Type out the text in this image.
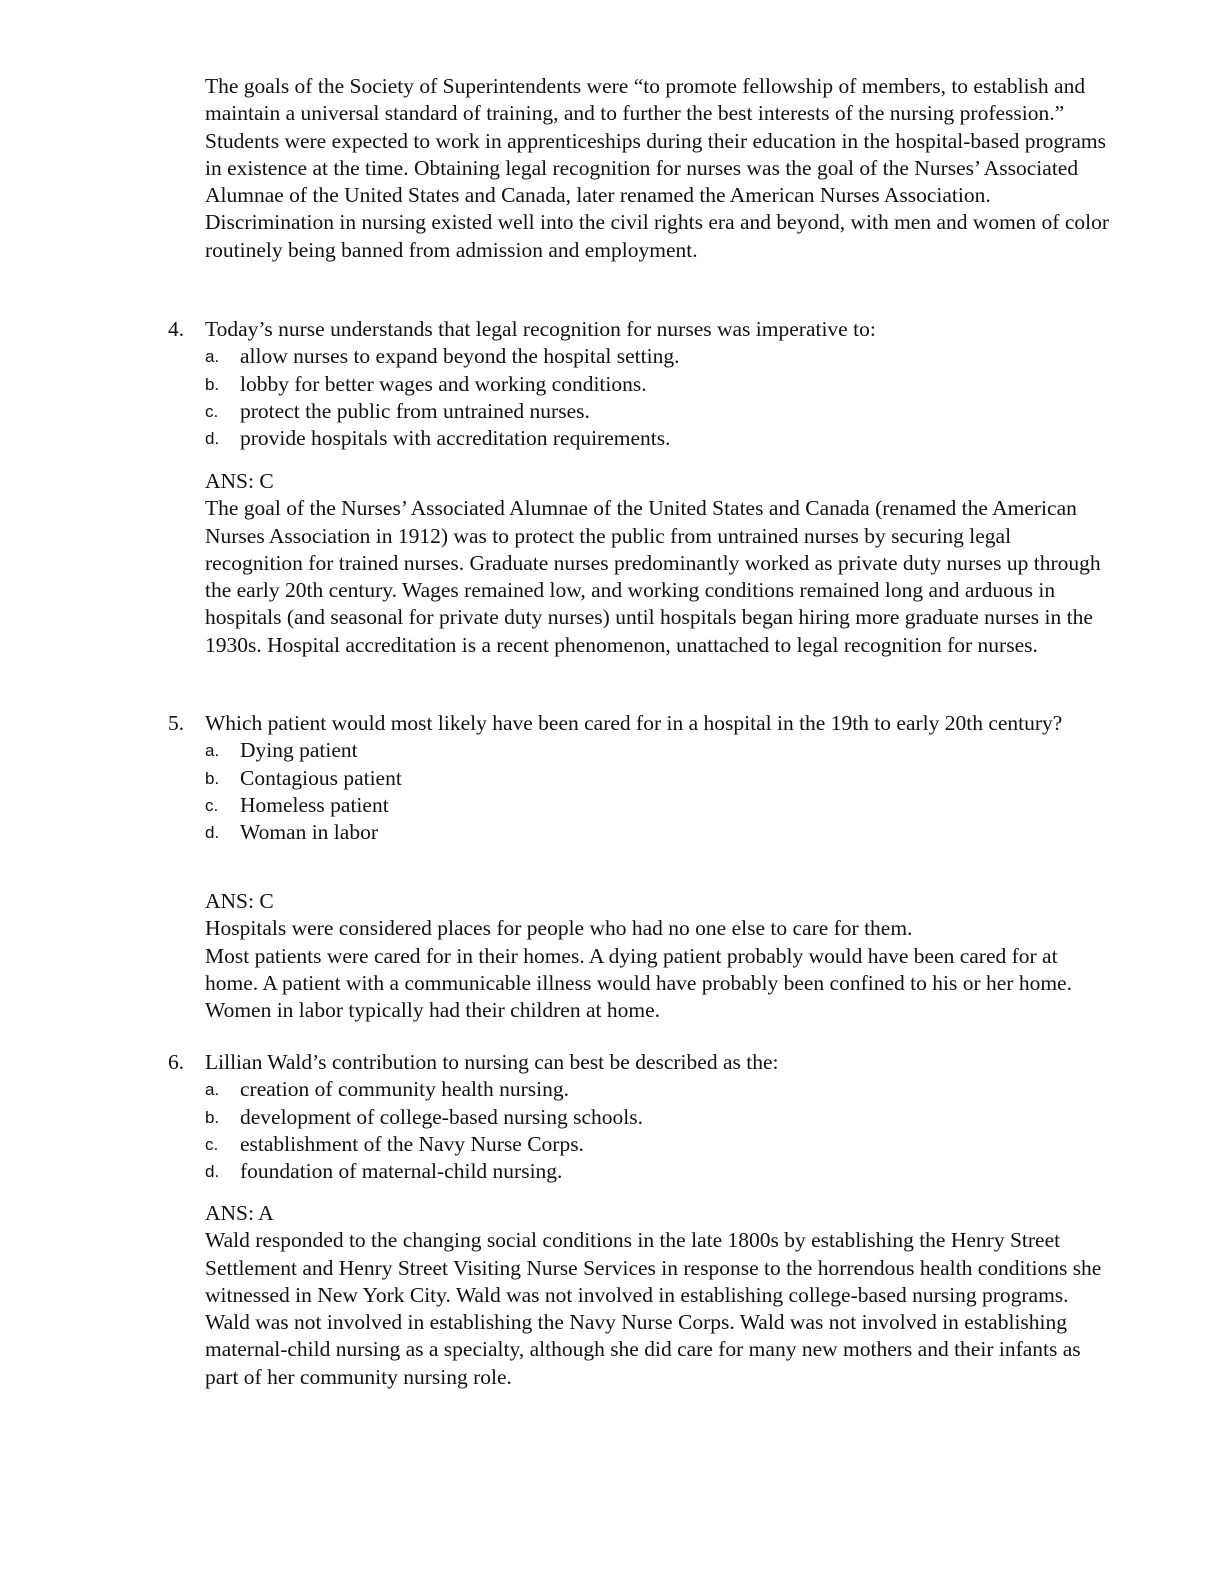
The goals of the Society of Superintendents were “to promote fellowship of members, to establish and maintain a universal standard of training, and to further the best interests of the nursing profession.” Students were expected to work in apprenticeships during their education in the hospital-based programs in existence at the time. Obtaining legal recognition for nurses was the goal of the Nurses’ Associated Alumnae of the United States and Canada, later renamed the American Nurses Association. Discrimination in nursing existed well into the civil rights era and beyond, with men and women of color routinely being banned from admission and employment.

4. Today’s nurse understands that legal recognition for nurses was imperative to:
a. allow nurses to expand beyond the hospital setting.
b. lobby for better wages and working conditions.
c. protect the public from untrained nurses.
d. provide hospitals with accreditation requirements.
ANS: C

The goal of the Nurses’ Associated Alumnae of the United States and Canada (renamed the American Nurses Association in 1912) was to protect the public from untrained nurses by securing legal recognition for trained nurses. Graduate nurses predominantly worked as private duty nurses up through the early 20th century. Wages remained low, and working conditions remained long and arduous in hospitals (and seasonal for private duty nurses) until hospitals began hiring more graduate nurses in the 1930s. Hospital accreditation is a recent phenomenon, unattached to legal recognition for nurses.

5. Which patient would most likely have been cared for in a hospital in the 19th to early 20th century?
a. Dying patient
b. Contagious patient
c. Homeless patient
d. Woman in labor
ANS: C
Hospitals were considered places for people who had no one else to care for them.

Most patients were cared for in their homes. A dying patient probably would have been cared for at home. A patient with a communicable illness would have probably been confined to his or her home. Women in labor typically had their children at home.

6. Lillian Wald’s contribution to nursing can best be described as the:
a. creation of community health nursing.
b. development of college-based nursing schools.
c. establishment of the Navy Nurse Corps.
d. foundation of maternal-child nursing.
ANS: A

Wald responded to the changing social conditions in the late 1800s by establishing the Henry Street Settlement and Henry Street Visiting Nurse Services in response to the horrendous health conditions she witnessed in New York City. Wald was not involved in establishing college-based nursing programs. Wald was not involved in establishing the Navy Nurse Corps. Wald was not involved in establishing maternal-child nursing as a specialty, although she did care for many new mothers and their infants as part of her community nursing role.
